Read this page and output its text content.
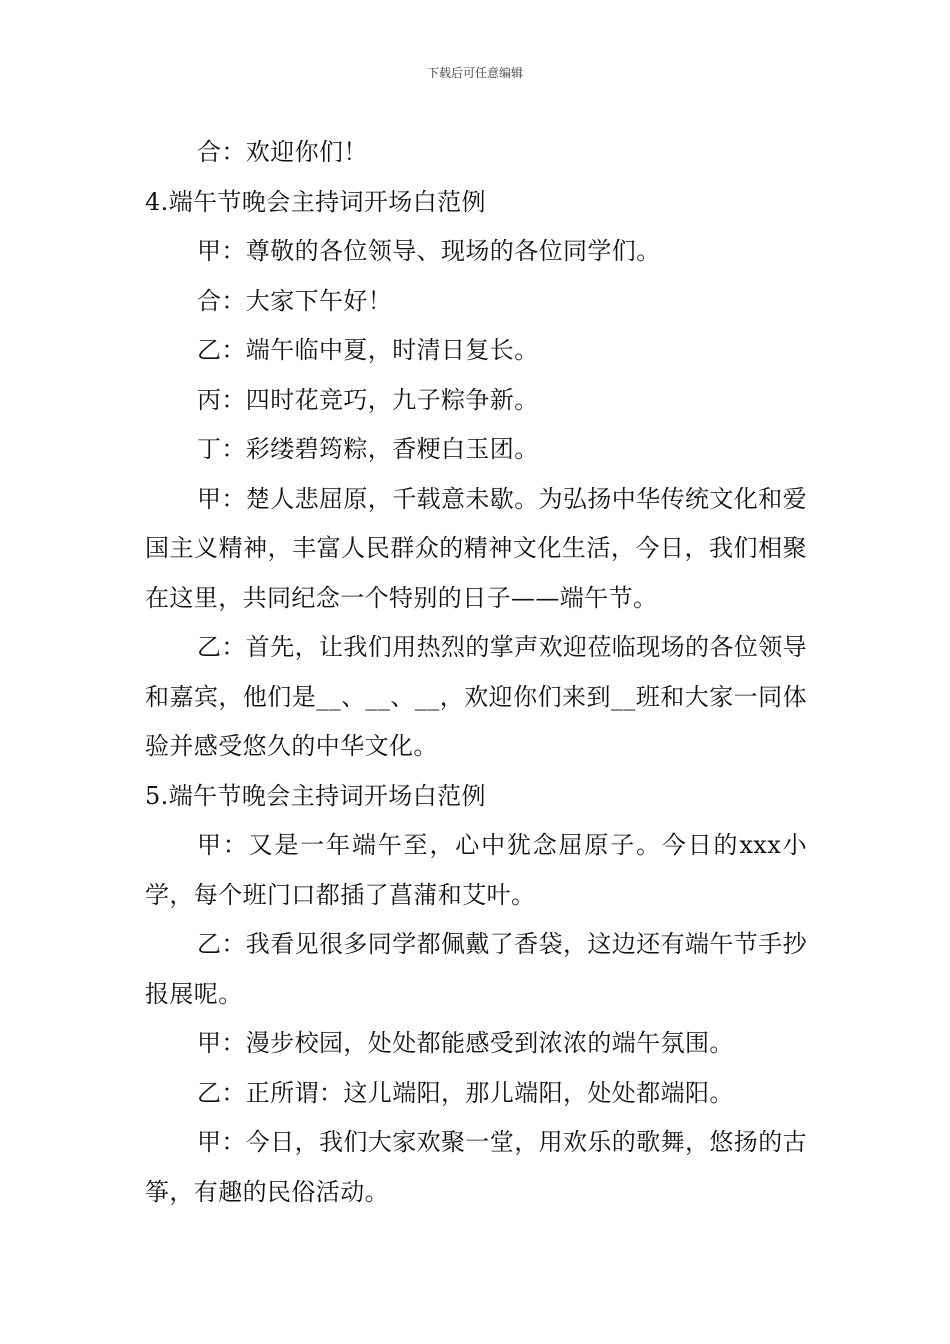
下载后可任意编辑

合：欢迎你们！

4.端午节晚会主持词开场白范例

甲：尊敬的各位领导、现场的各位同学们。

合：大家下午好！

乙：端午临中夏，时清日复长。

丙：四时花竞巧，九子粽争新。

丁：彩缕碧筠粽，香粳白玉团。

甲：楚人悲屈原，千载意未歇。为弘扬中华传统文化和爱国主义精神，丰富人民群众的精神文化生活，今日，我们相聚在这里，共同纪念一个特别的日子——端午节。

乙：首先，让我们用热烈的掌声欢迎莅临现场的各位领导和嘉宾，他们是__、__、__，欢迎你们来到__班和大家一同体验并感受悠久的中华文化。

5.端午节晚会主持词开场白范例

甲：又是一年端午至，心中犹念屈原子。今日的xxx小学，每个班门口都插了菖蒲和艾叶。

乙：我看见很多同学都佩戴了香袋，这边还有端午节手抄报展呢。

甲：漫步校园，处处都能感受到浓浓的端午氛围。

乙：正所谓：这儿端阳，那儿端阳，处处都端阳。

甲：今日，我们大家欢聚一堂，用欢乐的歌舞，悠扬的古筝，有趣的民俗活动。
